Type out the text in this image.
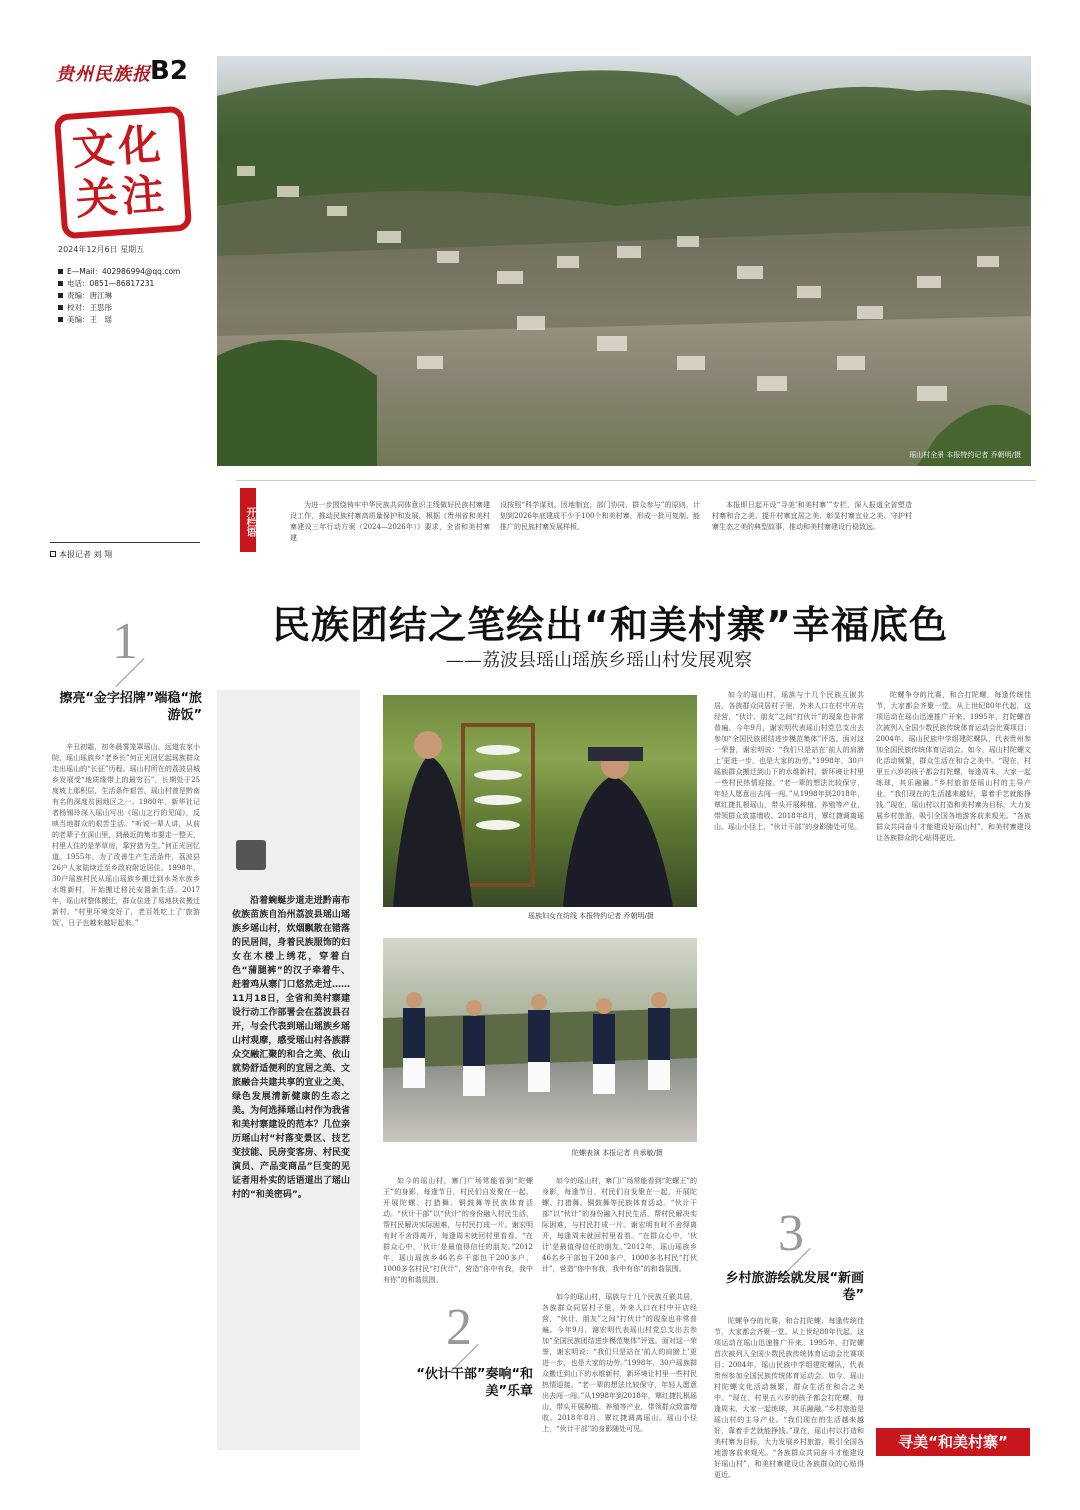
贵州民族报 B2
文化
关注
2024年12月6日 星期五
E—Mail：402986994@qq.com
电话：0851—86817231
责编：唐江琳
校对：王思彤
美编：王　瑶
瑶山村全景 本报特约记者 乔朝明/摄
本报记者 刘 翔
开栏语
为进一步围绕铸牢中华民族共同体意识主线做好民族村寨建设工作，推动民族村寨高质量保护和发展，根据《贵州省和美村寨建设三年行动方案（2024—2026年）》要求，全省和美村寨建
设按照“科学谋划、因地制宜，部门协同、群众参与”的原则，计划到2026年底建成不少于100个和美村寨，形成一批可复制、能推广的民族村寨发展样板。
本报即日起开设“寻美‘和美村寨’”专栏，深入报道全省塑造村寨和合之美、提升村寨宜居之美、彰显村寨宜业之美、守护村寨生态之美的典型故事，推动和美村寨建设行稳致远。
民族团结之笔绘出“和美村寨”幸福底色
——荔波县瑶山瑶族乡瑶山村发展观察
1
擦亮“金字招牌”端稳“旅游饭”
辛丑初霜，初冬晨雾笼罩瑶山，远道农家小院，瑶山瑶族乡“老乡长”何正光回忆起瑶族群众走出瑶山的“长征”历程。瑶山村所在的荔波县城乡发展受“地质缘带上的最穷石”，长期处于25度坡上那积层，生活条件艰苦。瑶山村曾是黔南有名的深度贫困地区之一。1980年，新华社记者杨锡玲深入瑶山写出《瑶山之行的见闻》，反映当地群众的艰苦生活。“听说一辈人讲，从前的老辈子在深山里，到最近的集市要走一整天，村里人住的是茅草房，靠狩猎为生。”何正光回忆道。1955年，为了改善生产生活条件，荔波县26户人家陆续迁至乡政府附近居住。1998年，30户瑶族村民从瑶山瑶族乡搬迁到水尧水族乡水维新村，开始搬迁移民安置新生活。2017年，瑶山村整体搬迁，群众住进了易地扶贫搬迁新村。“村里环境变好了，老百姓吃上了‘旅游饭’，日子也越来越好起来。”
沿着蜿蜒步道走进黔南布依族苗族自治州荔波县瑶山瑶族乡瑶山村，炊烟飘散在错落的民居间，身着民族服饰的妇女在木楼上绣花，穿着白色“蒲腿裤”的汉子牵着牛、赶着鸡从寨门口悠然走过……11月18日，全省和美村寨建设行动工作部署会在荔波县召开，与会代表到瑶山瑶族乡瑶山村观摩，感受瑶山村各族群众交融汇聚的和合之美、依山就势舒适便利的宜居之美、文旅融合共建共享的宜业之美、绿色发展清新健康的生态之美。为何选择瑶山村作为我省和美村寨建设的范本？几位亲历瑶山村“村落变景区、技艺变技能、民房变客房、村民变演员、产品变商品”巨变的见证者用朴实的话语道出了瑶山村的“和美密码”。
瑶族妇女在纺线 本报特约记者 乔朝明/摄
陀螺表演 本报记者 肖承敏/摄
如今的瑶山村，寨门广场常能看到“陀螺王”的身影，每逢节日，村民们自发聚在一起，开展陀螺、打猎舞、铜鼓舞等民族体育活动。“伙计干部”以“伙计”的身份融入村民生活，帮村民解决实际困难，与村民打成一片。谢宏明有时不舍得离开，每逢周末就回村里看看。“在群众心中，‘伙计’是最值得信任的朋友。”2012年，瑶山瑶族乡46名乡干部包干200多户，1000多名村民“打伙计”，营造“你中有我，我中有你”的和谐氛围。
如今的瑶山村，寨门广场常能看到“陀螺王”的身影，每逢节日，村民们自发聚在一起，开展陀螺、打猎舞、铜鼓舞等民族体育活动。“伙计干部”以“伙计”的身份融入村民生活，帮村民解决实际困难，与村民打成一片。谢宏明有时不舍得离开，每逢周末就回村里看看。“在群众心中，‘伙计’是最值得信任的朋友。”2012年，瑶山瑶族乡46名乡干部包干200多户，1000多名村民“打伙计”，营造“你中有我，我中有你”的和谐氛围。
2
“伙计干部”奏响“和美”乐章
如今的瑶山村，瑶族与十几个民族互嵌共居，各族群众同居村子里，外来人口在村中开店经营，“伙计、朋友”之间“打伙计”的现象也非常普遍。今年9月，谢宏明代表瑶山村党总支出去参加“全国民族团结进步模范集体”评选。面对这一荣誉，谢宏明说：“我们只是站在‘前人的肩膀上’更进一步，也是大家的功劳。”1998年，30户瑶族群众搬迁到山下的水维新村，新环境让村里一些村民热情迎接。“老一辈的想法比较保守，年轻人愿意出去闯一闯。”从1998年到2018年，覃红捷扎根瑶山，带头开展种植、养殖等产业，带领群众致富增收。2018年8月，覃红捷调离瑶山。瑶山小径上，“伙计干部”的身影随处可见。
如今的瑶山村，瑶族与十几个民族互嵌共居，各族群众同居村子里，外来人口在村中开店经营，“伙计、朋友”之间“打伙计”的现象也非常普遍。今年9月，谢宏明代表瑶山村党总支出去参加“全国民族团结进步模范集体”评选。面对这一荣誉，谢宏明说：“我们只是站在‘前人的肩膀上’更进一步，也是大家的功劳。”1998年，30户瑶族群众搬迁到山下的水维新村，新环境让村里一些村民热情迎接。“老一辈的想法比较保守，年轻人愿意出去闯一闯。”从1998年到2018年，覃红捷扎根瑶山，带头开展种植、养殖等产业，带领群众致富增收。2018年8月，覃红捷调离瑶山。瑶山小径上，“伙计干部”的身影随处可见。
陀螺争夺的比赛，和合打陀螺，每逢传统佳节，大家都会齐聚一堂。从上世纪80年代起，这项运动在瑶山迅速推广开来。1995年，打陀螺首次被列入全国少数民族传统体育运动会比赛项目；2004年，瑶山民族中学组建陀螺队，代表贵州参加全国民族传统体育运动会。如今，瑶山村陀螺文化活动频繁，群众生活在和合之美中。“现在，村里五六岁的孩子都会打陀螺，每逢周末，大家一起练球，其乐融融。”乡村旅游是瑶山村的主导产业。“我们现在的生活越来越好，靠着手艺就能挣钱。”现在，瑶山村以打造和美村寨为目标，大力发展乡村旅游，吸引全国各地游客前来观光。“各族群众共同奋斗才能建设好瑶山村”，和美村寨建设让各族群众的心贴得更近。
3
乡村旅游绘就发展“新画卷”
陀螺争夺的比赛，和合打陀螺，每逢传统佳节，大家都会齐聚一堂。从上世纪80年代起，这项运动在瑶山迅速推广开来。1995年，打陀螺首次被列入全国少数民族传统体育运动会比赛项目；2004年，瑶山民族中学组建陀螺队，代表贵州参加全国民族传统体育运动会。如今，瑶山村陀螺文化活动频繁，群众生活在和合之美中。“现在，村里五六岁的孩子都会打陀螺，每逢周末，大家一起练球，其乐融融。”乡村旅游是瑶山村的主导产业。“我们现在的生活越来越好，靠着手艺就能挣钱。”现在，瑶山村以打造和美村寨为目标，大力发展乡村旅游，吸引全国各地游客前来观光。“各族群众共同奋斗才能建设好瑶山村”，和美村寨建设让各族群众的心贴得更近。
寻美“和美村寨”
